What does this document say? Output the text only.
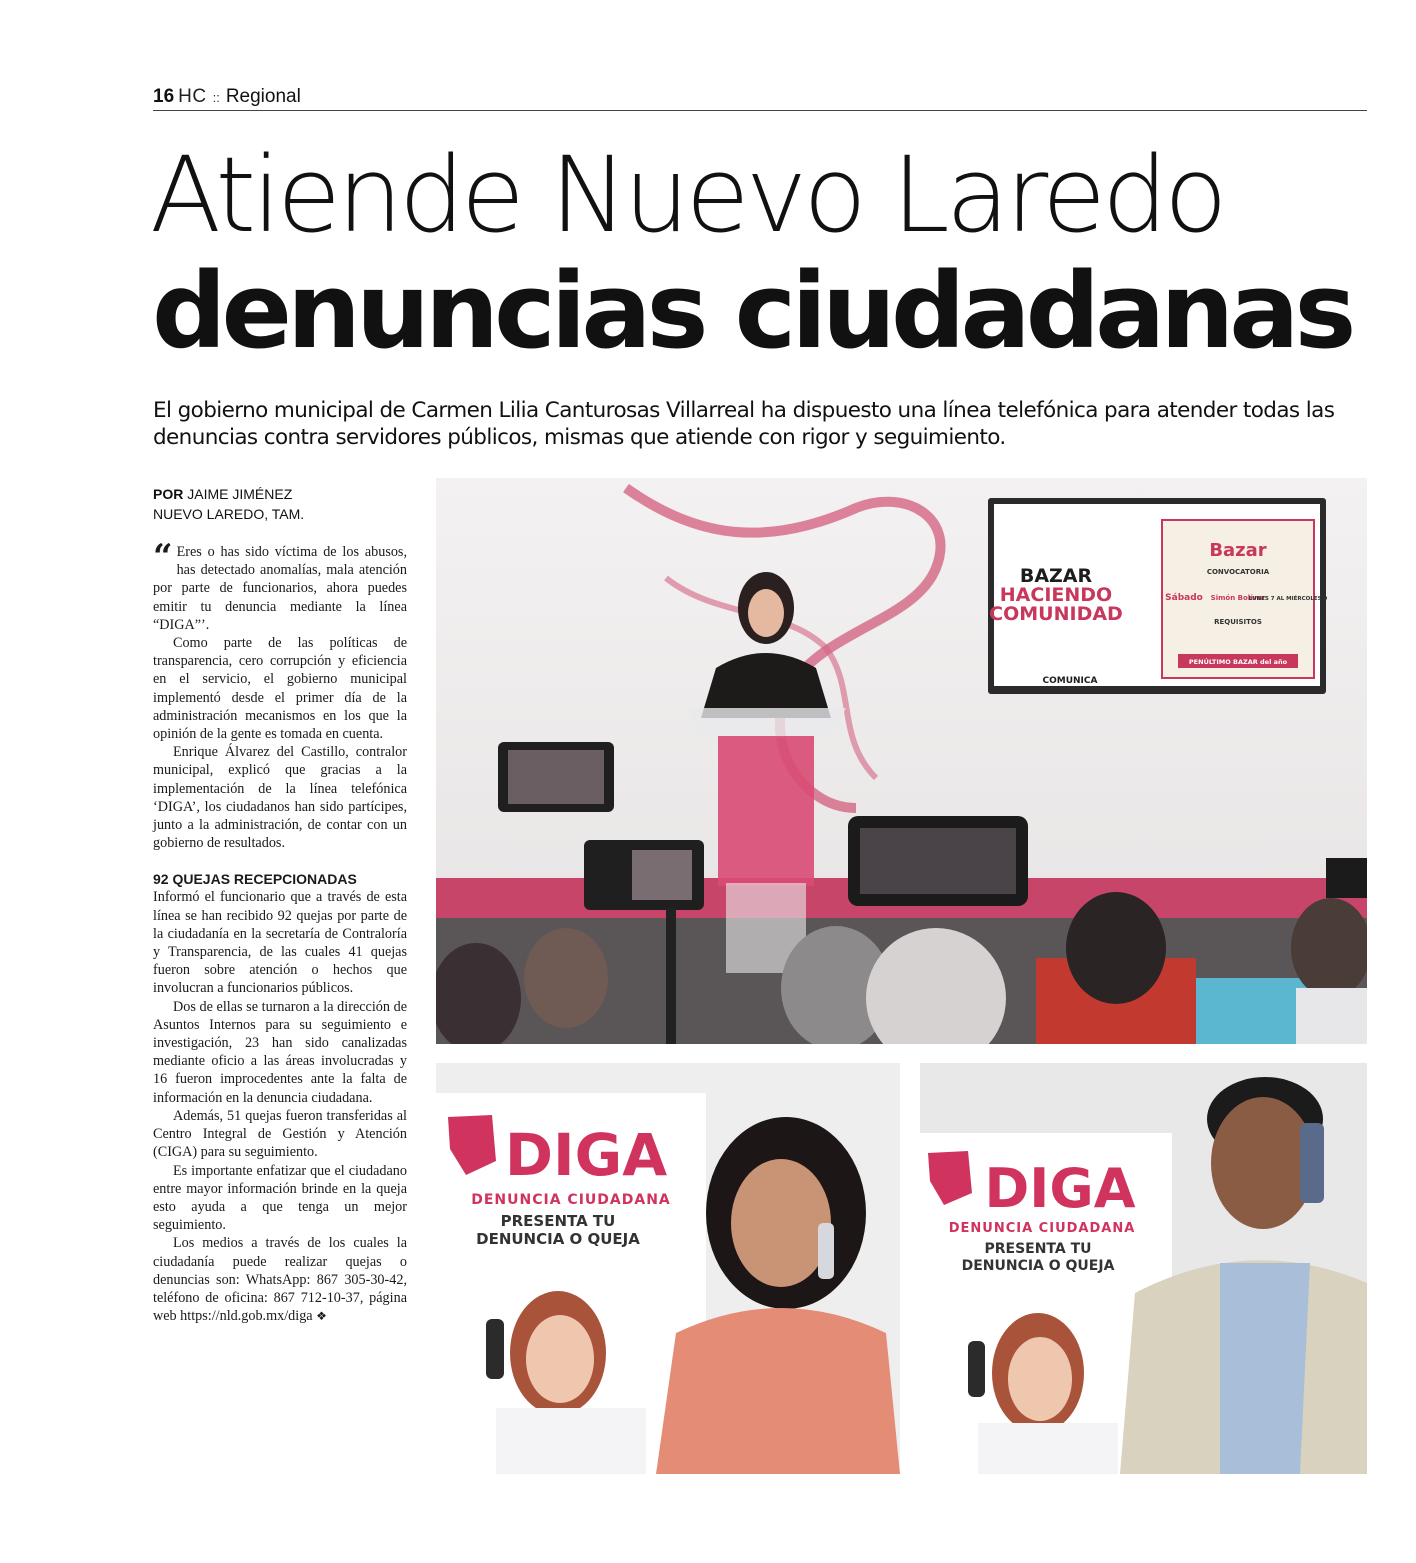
16 HC :: Regional
Atiende Nuevo Laredo
denuncias ciudadanas
El gobierno municipal de Carmen Lilia Canturosas Villarreal ha dispuesto una línea telefónica para atender todas las denuncias contra servidores públicos, mismas que atiende con rigor y seguimiento.
POR JAIME JIMÉNEZ
NUEVO LAREDO, TAM.
“ Eres o has sido víctima de los abusos, has detectado anomalías, mala atención por parte de funcionarios, ahora puedes emitir tu denuncia mediante la línea “DIGA”’.

Como parte de las políticas de transparencia, cero corrupción y eficiencia en el servicio, el gobierno municipal implementó desde el primer día de la administración mecanismos en los que la opinión de la gente es tomada en cuenta.

Enrique Álvarez del Castillo, contralor municipal, explicó que gracias a la implementación de la línea telefónica ‘DIGA’, los ciudadanos han sido partícipes, junto a la administración, de contar con un gobierno de resultados.

92 QUEJAS RECEPCIONADAS

Informó el funcionario que a través de esta línea se han recibido 92 quejas por parte de la ciudadanía en la secretaría de Contraloría y Transparencia, de las cuales 41 quejas fueron sobre atención o hechos que involucran a funcionarios públicos.

Dos de ellas se turnaron a la dirección de Asuntos Internos para su seguimiento e investigación, 23 han sido canalizadas mediante oficio a las áreas involucradas y 16 fueron improcedentes ante la falta de información en la denuncia ciudadana.

Además, 51 quejas fueron transferidas al Centro Integral de Gestión y Atención (CIGA) para su seguimiento.

Es importante enfatizar que el ciudadano entre mayor información brinde en la queja esto ayuda a que tenga un mejor seguimiento.

Los medios a través de los cuales la ciudadanía puede realizar quejas o denuncias son: WhatsApp: 867 305-30-42, teléfono de oficina: 867 712-10-37, página web https://nld.gob.mx/diga ❖

BAZAR
HACIENDO
COMUNIDAD
Bazar
CONVOCATORIA
Sábado Simón Bolívar
LUNES 7 AL MIÉRCOLES 9
REQUISITOS
PENÚLTIMO BAZAR del año
COMUNICA
DIGA
DENUNCIA CIUDADANA
PRESENTA TU
DENUNCIA O QUEJA
DIGA
DENUNCIA CIUDADANA
PRESENTA TU
DENUNCIA O QUEJA
